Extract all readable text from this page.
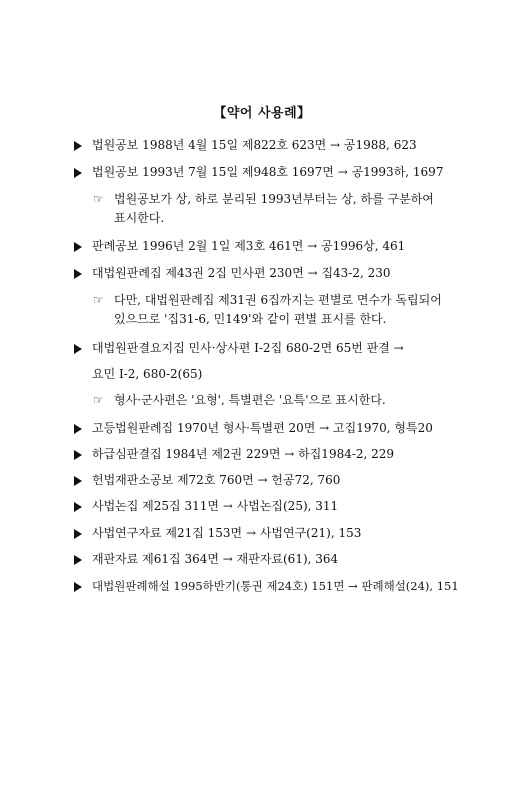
【약어 사용례】
법원공보 1988년 4월 15일 제822호 623면 → 공1988, 623
법원공보 1993년 7월 15일 제948호 1697면 → 공1993하, 1697
☞ 법원공보가 상, 하로 분리된 1993년부터는 상, 하를 구분하여
표시한다.
판례공보 1996년 2월 1일 제3호 461면 → 공1996상, 461
대법원판례집 제43권 2집 민사편 230면 → 집43-2, 230
☞ 다만, 대법원판례집 제31권 6집까지는 편별로 면수가 독립되어
있으므로 '집31-6, 민149'와 같이 편별 표시를 한다.
대법원판결요지집 민사·상사편 Ⅰ-2집 680-2면 65번 판결 →
요민 Ⅰ-2, 680-2(65)
☞ 형사·군사편은 '요형', 특별편은 '요특'으로 표시한다.
고등법원판례집 1970년 형사·특별편 20면 → 고집1970, 형특20
하급심판결집 1984년 제2권 229면 → 하집1984-2, 229
헌법재판소공보 제72호 760면 → 헌공72, 760
사법논집 제25집 311면 → 사법논집(25), 311
사법연구자료 제21집 153면 → 사법연구(21), 153
재판자료 제61집 364면 → 재판자료(61), 364
대법원판례해설 1995하반기(통권 제24호) 151면 → 판례해설(24), 151
